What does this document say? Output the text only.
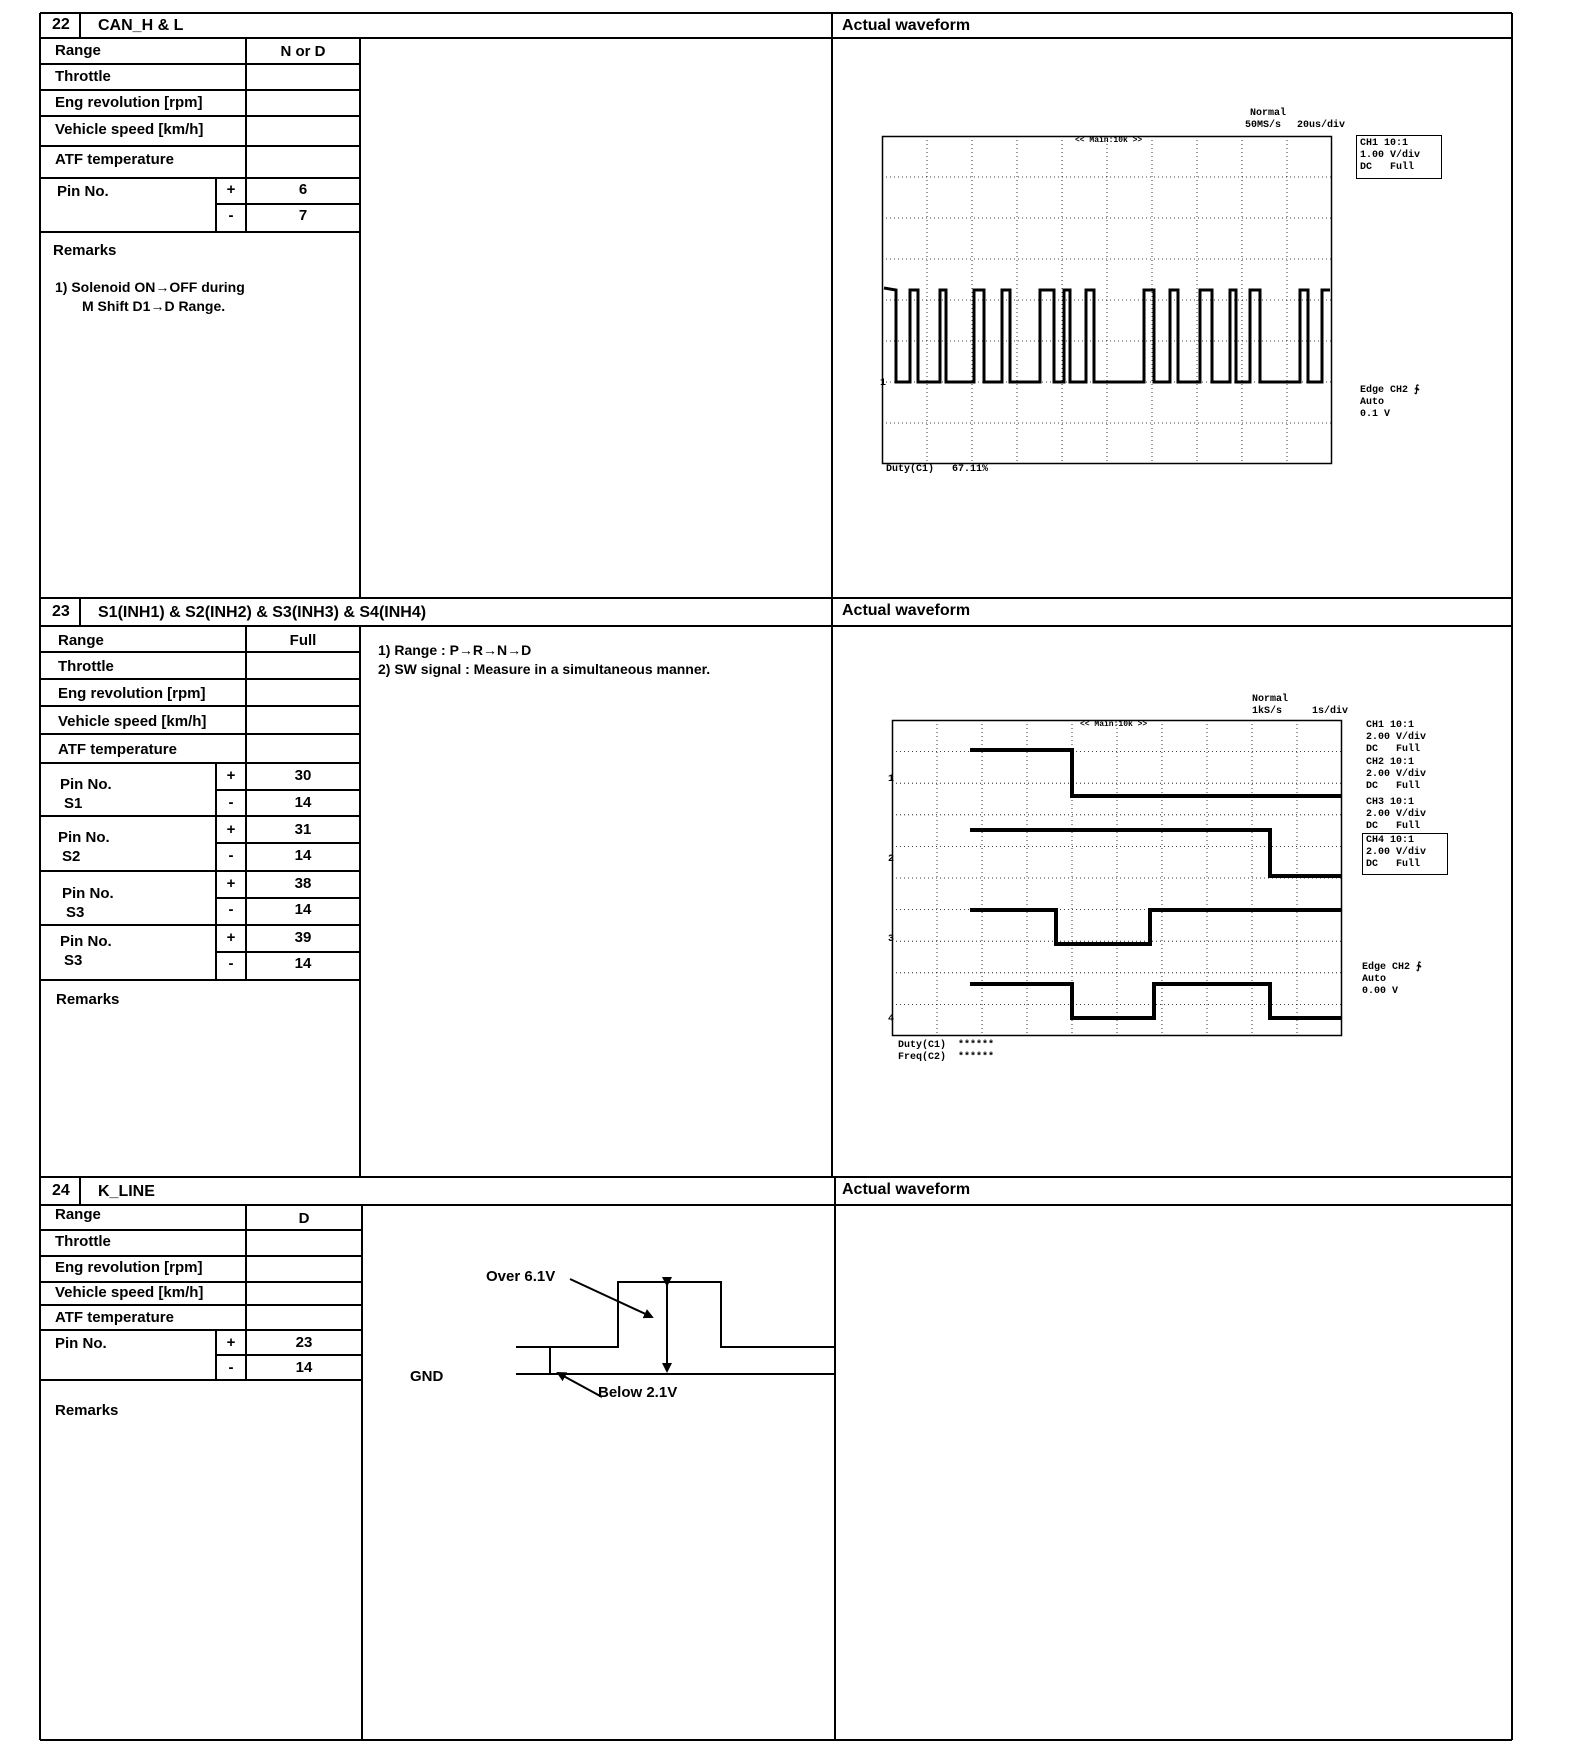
22 CAN_H & L	Actual waveform
Range	N or D
Throttle
Eng revolution [rpm]
Vehicle speed [km/h]
ATF temperature
Pin No.	+	6
-	7
Remarks
1) Solenoid ON→OFF during
M Shift D1→D Range.
Normal
50MS/s 20us/div
<< Main:10k >>
1
CH1 10:1
1.00 V/div
DC   Full
Edge CH2 ∱
Auto
0.1 V
Duty(C1)   67.11%
23 S1(INH1) & S2(INH2) & S3(INH3) & S4(INH4)	Actual waveform
Range	Full
Throttle
Eng revolution [rpm]
Vehicle speed [km/h]
ATF temperature
Pin No.
S1
+	30
-	14
Pin No.
S2
+	31
-	14
Pin No.
S3
+	38
-	14
Pin No.
S3
+	39
-	14
Remarks
1) Range : P→R→N→D
2) SW signal : Measure in a simultaneous manner.
Normal
1kS/s	1s/div
<< Main:10k >>
1
2
3
4
CH1 10:1
2.00 V/div
DC   Full
CH2 10:1
2.00 V/div
DC   Full
CH3 10:1
2.00 V/div
DC   Full
CH4 10:1
2.00 V/div
DC   Full
Edge CH2 ∱
Auto
0.00 V
Duty(C1)  ******
Freq(C2)  ******
24 K_LINE	Actual waveform
Range	D
Throttle
Eng revolution [rpm]
Vehicle speed [km/h]
ATF temperature
Pin No.	+	23
-	14
Remarks
Over 6.1V
Below 2.1V
GND
